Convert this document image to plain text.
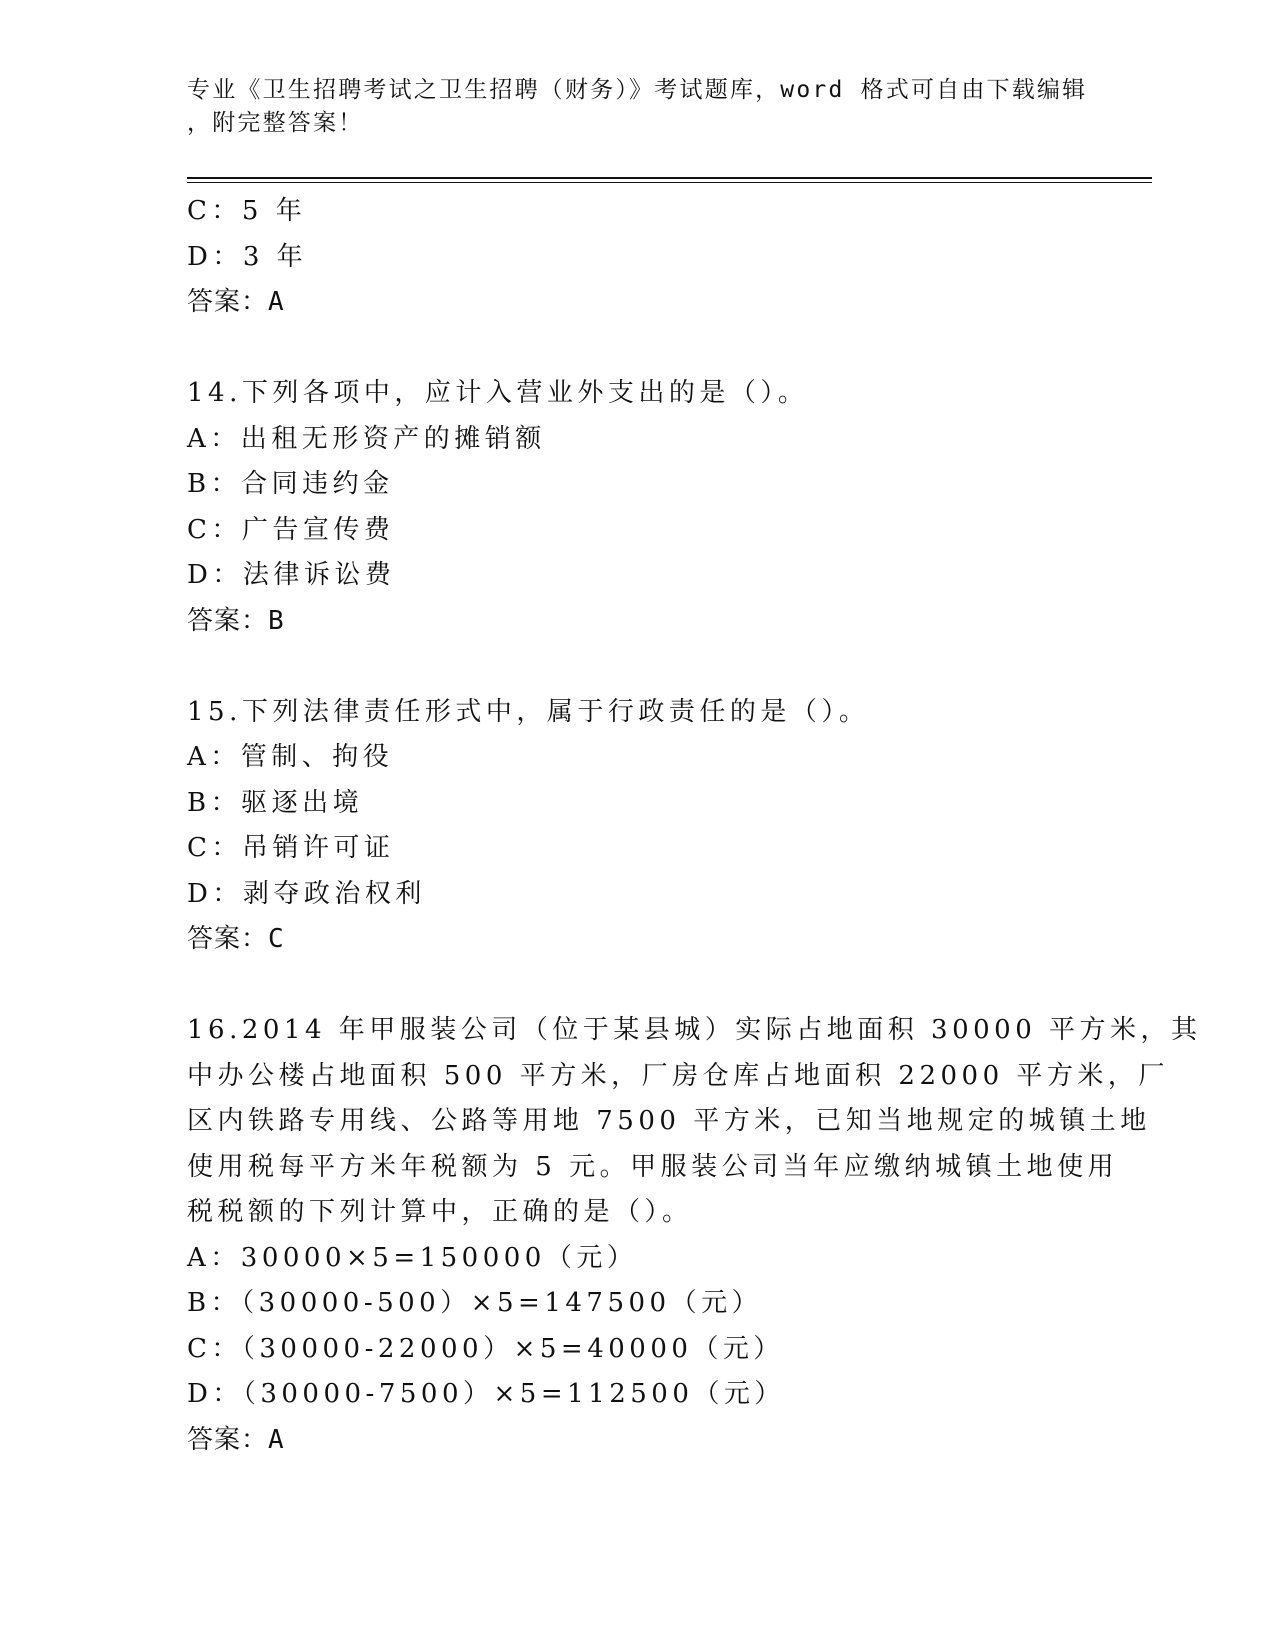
专业《卫生招聘考试之卫生招聘（财务）》考试题库，word 格式可自由下载编辑
，附完整答案！
C：5 年
D：3 年
答案：A
14.下列各项中，应计入营业外支出的是（）。
A：出租无形资产的摊销额
B：合同违约金
C：广告宣传费
D：法律诉讼费
答案：B
15.下列法律责任形式中，属于行政责任的是（）。
A：管制、拘役
B：驱逐出境
C：吊销许可证
D：剥夺政治权利
答案：C
16.2014 年甲服装公司（位于某县城）实际占地面积 30000 平方米，其
中办公楼占地面积 500 平方米，厂房仓库占地面积 22000 平方米，厂
区内铁路专用线、公路等用地 7500 平方米，已知当地规定的城镇土地
使用税每平方米年税额为 5 元。甲服装公司当年应缴纳城镇土地使用
税税额的下列计算中，正确的是（）。
A：30000×5=150000（元）
B：（30000-500）×5=147500（元）
C：（30000-22000）×5=40000（元）
D：（30000-7500）×5=112500（元）
答案：A
